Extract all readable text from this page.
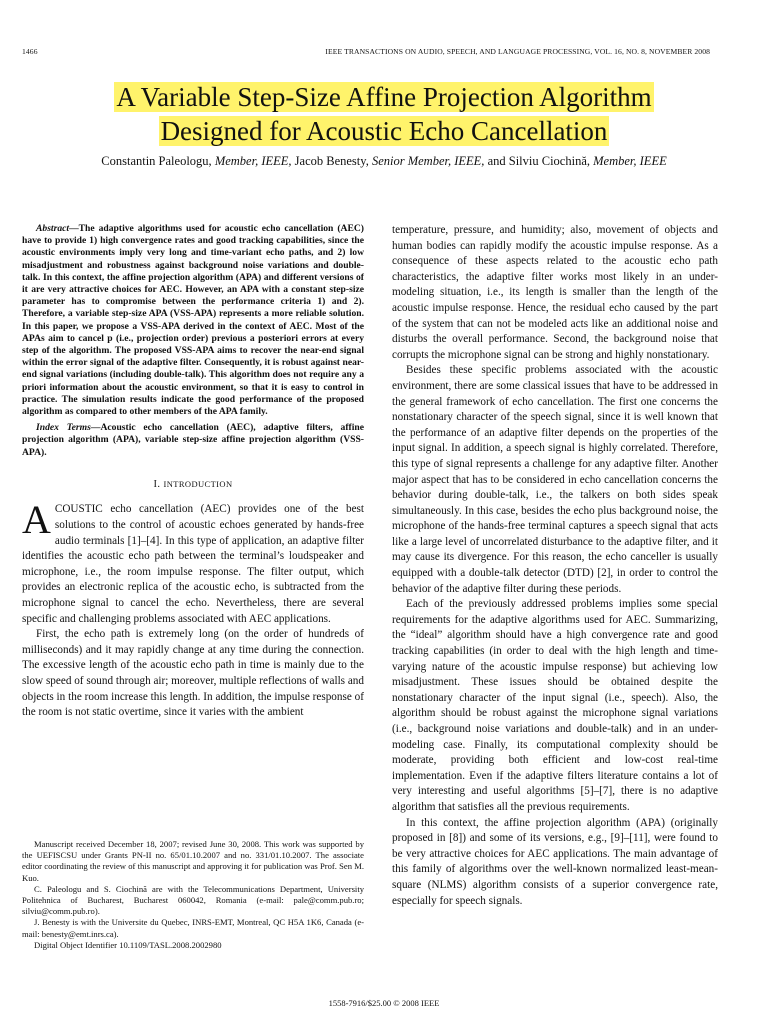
1466	IEEE TRANSACTIONS ON AUDIO, SPEECH, AND LANGUAGE PROCESSING, VOL. 16, NO. 8, NOVEMBER 2008
A Variable Step-Size Affine Projection Algorithm
Designed for Acoustic Echo Cancellation
Constantin Paleologu, Member, IEEE, Jacob Benesty, Senior Member, IEEE, and Silviu Ciochină, Member, IEEE

Abstract—The adaptive algorithms used for acoustic echo cancellation (AEC) have to provide 1) high convergence rates and good tracking capabilities, since the acoustic environments imply very long and time-variant echo paths, and 2) low misadjustment and robustness against background noise variations and double-talk. In this context, the affine projection algorithm (APA) and different versions of it are very attractive choices for AEC. However, an APA with a constant step-size parameter has to compromise between the performance criteria 1) and 2). Therefore, a variable step-size APA (VSS-APA) represents a more reliable solution. In this paper, we propose a VSS-APA derived in the context of AEC. Most of the APAs aim to cancel p (i.e., projection order) previous a posteriori errors at every step of the algorithm. The proposed VSS-APA aims to recover the near-end signal within the error signal of the adaptive filter. Consequently, it is robust against near-end signal variations (including double-talk). This algorithm does not require any a priori information about the acoustic environment, so that it is easy to control in practice. The simulation results indicate the good performance of the proposed algorithm as compared to other members of the APA family.

Index Terms—Acoustic echo cancellation (AEC), adaptive filters, affine projection algorithm (APA), variable step-size affine projection algorithm (VSS-APA).

I. INTRODUCTION

ACOUSTIC echo cancellation (AEC) provides one of the best solutions to the control of acoustic echoes generated by hands-free audio terminals [1]–[4]. In this type of application, an adaptive filter identifies the acoustic echo path between the terminal’s loudspeaker and microphone, i.e., the room impulse response. The filter output, which provides an electronic replica of the acoustic echo, is subtracted from the microphone signal to cancel the echo. Nevertheless, there are several specific and challenging problems associated with AEC applications.

First, the echo path is extremely long (on the order of hundreds of milliseconds) and it may rapidly change at any time during the connection. The excessive length of the acoustic echo path in time is mainly due to the slow speed of sound through air; moreover, multiple reflections of walls and objects in the room increase this length. In addition, the impulse response of the room is not static overtime, since it varies with the ambient

Manuscript received December 18, 2007; revised June 30, 2008. This work was supported by the UEFISCSU under Grants PN-II no. 65/01.10.2007 and no. 331/01.10.2007. The associate editor coordinating the review of this manuscript and approving it for publication was Prof. Sen M. Kuo.

C. Paleologu and S. Ciochină are with the Telecommunications Department, University Politehnica of Bucharest, Bucharest 060042, Romania (e-mail: pale@comm.pub.ro; silviu@comm.pub.ro).

J. Benesty is with the Universite du Quebec, INRS-EMT, Montreal, QC H5A 1K6, Canada (e-mail: benesty@emt.inrs.ca).

Digital Object Identifier 10.1109/TASL.2008.2002980

temperature, pressure, and humidity; also, movement of objects and human bodies can rapidly modify the acoustic impulse response. As a consequence of these aspects related to the acoustic echo path characteristics, the adaptive filter works most likely in an under-modeling situation, i.e., its length is smaller than the length of the acoustic impulse response. Hence, the residual echo caused by the part of the system that can not be modeled acts like an additional noise and disturbs the overall performance. Second, the background noise that corrupts the microphone signal can be strong and highly nonstationary.

Besides these specific problems associated with the acoustic environment, there are some classical issues that have to be addressed in the general framework of echo cancellation. The first one concerns the nonstationary character of the speech signal, since it is well known that the performance of an adaptive filter depends on the properties of the input signal. In addition, a speech signal is highly correlated. Therefore, this type of signal represents a challenge for any adaptive filter. Another major aspect that has to be considered in echo cancellation concerns the behavior during double-talk, i.e., the talkers on both sides speak simultaneously. In this case, besides the echo plus background noise, the microphone of the hands-free terminal captures a speech signal that acts like a large level of uncorrelated disturbance to the adaptive filter, and it may cause its divergence. For this reason, the echo canceller is usually equipped with a double-talk detector (DTD) [2], in order to control the behavior of the adaptive filter during these periods.

Each of the previously addressed problems implies some special requirements for the adaptive algorithms used for AEC. Summarizing, the “ideal” algorithm should have a high convergence rate and good tracking capabilities (in order to deal with the high length and time-varying nature of the acoustic impulse response) but achieving low misadjustment. These issues should be obtained despite the nonstationary character of the input signal (i.e., speech). Also, the algorithm should be robust against the microphone signal variations (i.e., background noise variations and double-talk) and in an under-modeling case. Finally, its computational complexity should be moderate, providing both efficient and low-cost real-time implementation. Even if the adaptive filters literature contains a lot of very interesting and useful algorithms [5]–[7], there is no adaptive algorithm that satisfies all the previous requirements.

In this context, the affine projection algorithm (APA) (originally proposed in [8]) and some of its versions, e.g., [9]–[11], were found to be very attractive choices for AEC applications. The main advantage of this family of algorithms over the well-known normalized least-mean-square (NLMS) algorithm consists of a superior convergence rate, especially for speech signals.

1558-7916/$25.00 © 2008 IEEE
